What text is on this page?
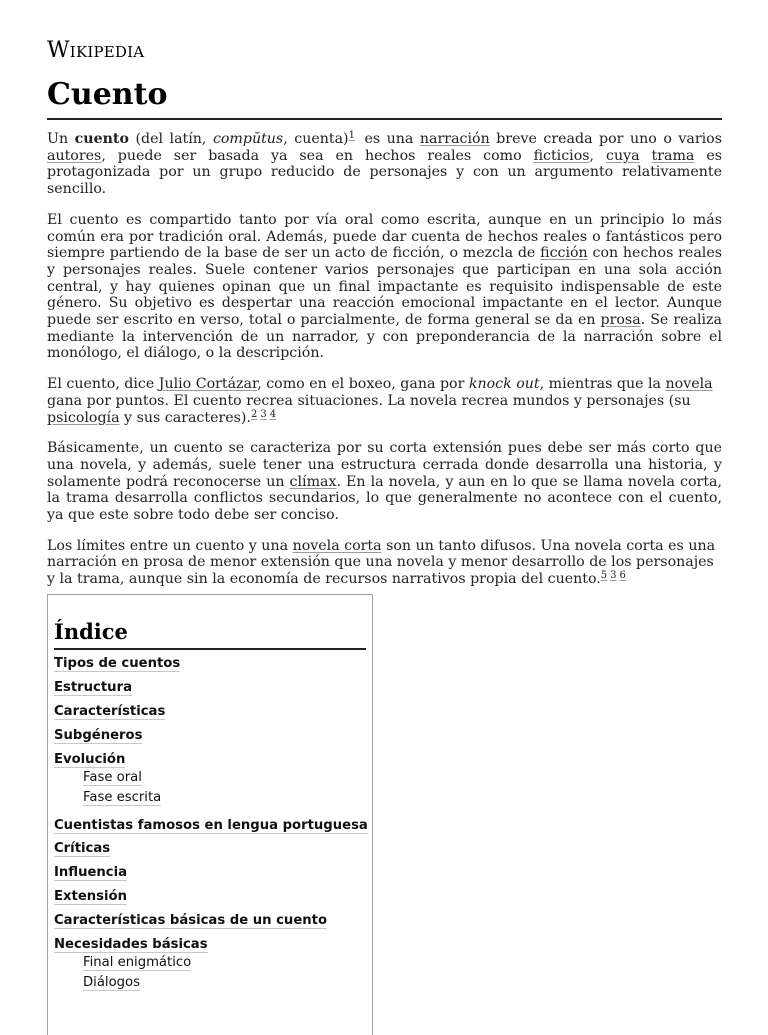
Wikipedia
Cuento

Un cuento (del latín, compŭtus, cuenta)$^1$ es una narración breve creada por uno o varios autores, puede ser basada ya sea en hechos reales como ficticios, cuya trama es protagonizada por un grupo reducido de personajes y con un argumento relativamente sencillo.

El cuento es compartido tanto por vía oral como escrita, aunque en un principio lo más común era por tradición oral. Además, puede dar cuenta de hechos reales o fantásticos pero siempre partiendo de la base de ser un acto de ficción, o mezcla de ficción con hechos reales y personajes reales. Suele contener varios personajes que participan en una sola acción central, y hay quienes opinan que un final impactante es requisito indispensable de este género. Su objetivo es despertar una reacción emocional impactante en el lector. Aunque puede ser escrito en verso, total o parcialmente, de forma general se da en prosa. Se realiza mediante la intervención de un narrador, y con preponderancia de la narración sobre el monólogo, el diálogo, o la descripción.

El cuento, dice Julio Cortázar, como en el boxeo, gana por knock out, mientras que la novela gana por puntos. El cuento recrea situaciones. La novela recrea mundos y personajes (su psicología y sus caracteres).$^{2 3 4}$

Básicamente, un cuento se caracteriza por su corta extensión pues debe ser más corto que una novela, y además, suele tener una estructura cerrada donde desarrolla una historia, y solamente podrá reconocerse un clímax. En la novela, y aun en lo que se llama novela corta, la trama desarrolla conflictos secundarios, lo que generalmente no acontece con el cuento, ya que este sobre todo debe ser conciso.

Los límites entre un cuento y una novela corta son un tanto difusos. Una novela corta es una narración en prosa de menor extensión que una novela y menor desarrollo de los personajes y la trama, aunque sin la economía de recursos narrativos propia del cuento.$^{5 3 6}$

Índice
Tipos de cuentos
Estructura
Características
Subgéneros
Evolución
Fase oral
Fase escrita
Cuentistas famosos en lengua portuguesa
Críticas
Influencia
Extensión
Características básicas de un cuento
Necesidades básicas
Final enigmático
Diálogos
